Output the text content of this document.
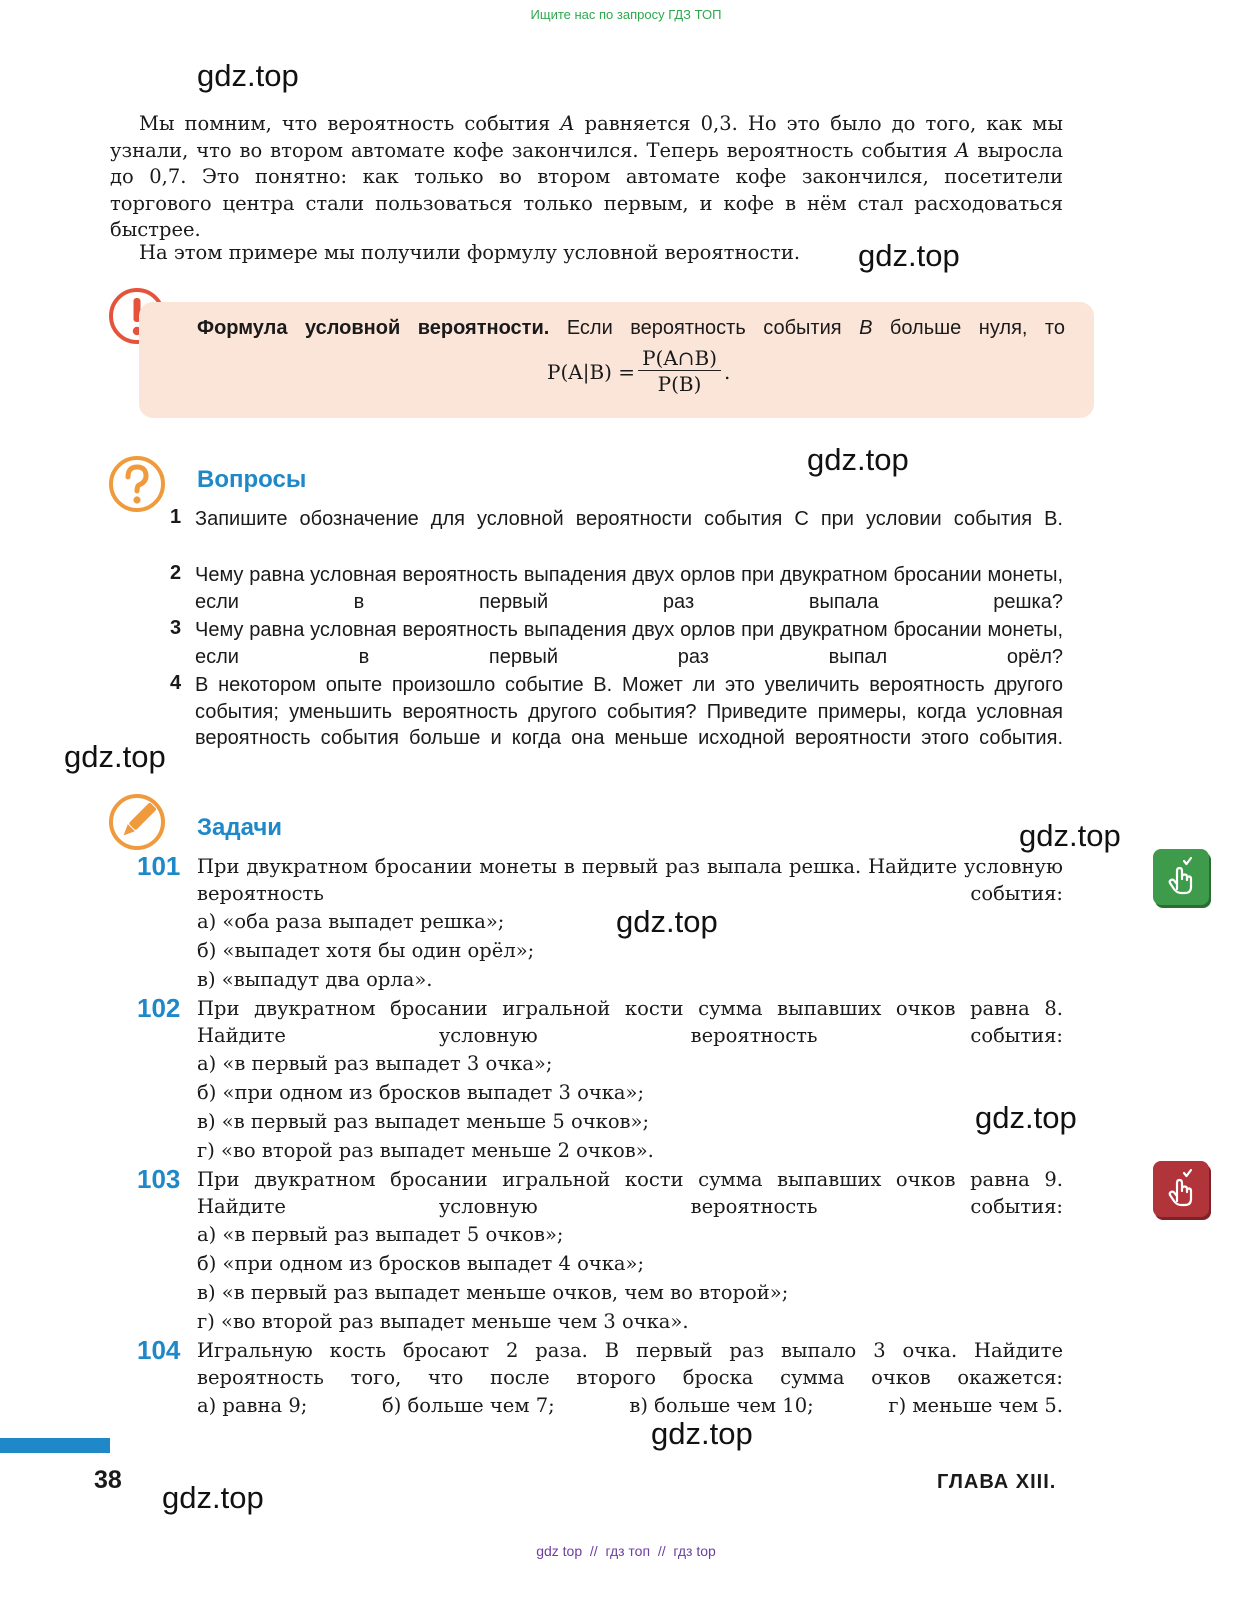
Ищите нас по запросу ГДЗ ТОП
gdz.top
gdz.top
gdz.top
gdz.top
gdz.top
gdz.top
gdz.top
gdz.top
gdz.top
Мы помним, что вероятность события A равняется 0,3. Но это было до того, как мы узнали, что во втором автомате кофе закончился. Теперь вероятность события A выросла до 0,7. Это понятно: как только во втором автомате кофе закончился, посетители торгового центра стали пользоваться только первым, и кофе в нём стал расходоваться быстрее.
На этом примере мы получили формулу условной вероятности.
Формула условной вероятности. Если вероятность события B больше нуля, то
$P(A|B) = \frac{P(A\cap B)}{P(B)}$ .
Вопросы
1 Запишите обозначение для условной вероятности события C при условии события B.
2 Чему равна условная вероятность выпадения двух орлов при двукратном бросании монеты, если в первый раз выпала решка?
3 Чему равна условная вероятность выпадения двух орлов при двукратном бросании монеты, если в первый раз выпал орёл?
4 В некотором опыте произошло событие B. Может ли это увеличить вероятность другого события; уменьшить вероятность другого события? Приведите примеры, когда условная вероятность события больше и когда она меньше исходной вероятности этого события.
Задачи
101 При двукратном бросании монеты в первый раз выпала решка. Найдите условную вероятность события:
а) «оба раза выпадет решка»;
б) «выпадет хотя бы один орёл»;
в) «выпадут два орла».
102 При двукратном бросании игральной кости сумма выпавших очков равна 8. Найдите условную вероятность события:
а) «в первый раз выпадет 3 очка»;
б) «при одном из бросков выпадет 3 очка»;
в) «в первый раз выпадет меньше 5 очков»;
г) «во второй раз выпадет меньше 2 очков».
103 При двукратном бросании игральной кости сумма выпавших очков равна 9. Найдите условную вероятность события:
а) «в первый раз выпадет 5 очков»;
б) «при одном из бросков выпадет 4 очка»;
в) «в первый раз выпадет меньше очков, чем во второй»;
г) «во второй раз выпадет меньше чем 3 очка».
104 Игральную кость бросают 2 раза. В первый раз выпало 3 очка. Найдите вероятность того, что после второго броска сумма очков окажется:
а) равна 9;	б) больше чем 7;	в) больше чем 10;	г) меньше чем 5.
38	ГЛАВА XIII.
gdz top  //  гдз топ  //  гдз top
